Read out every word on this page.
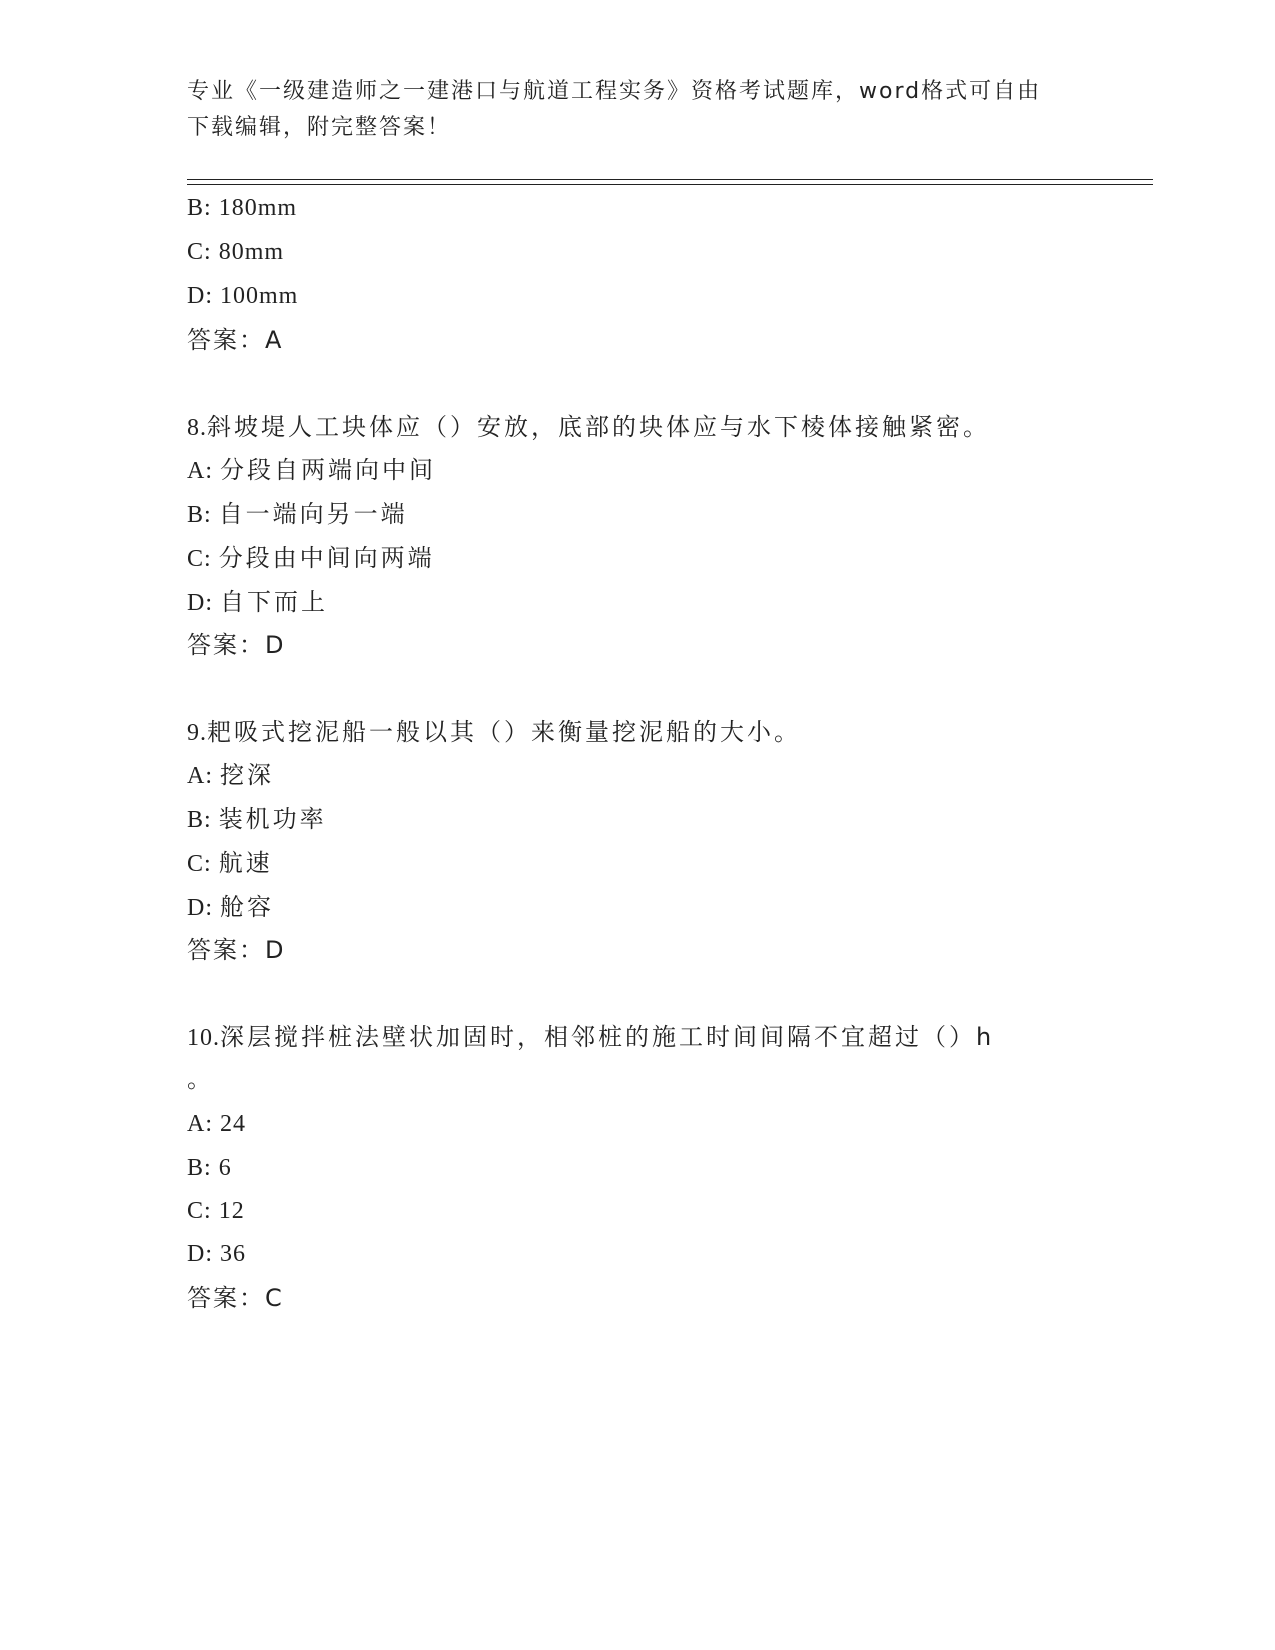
专业《一级建造师之一建港口与航道工程实务》资格考试题库，word格式可自由
下载编辑，附完整答案！
B: 180mm
C: 80mm
D: 100mm
答案：A
8.斜坡堤人工块体应（）安放，底部的块体应与水下棱体接触紧密。
A: 分段自两端向中间
B: 自一端向另一端
C: 分段由中间向两端
D: 自下而上
答案：D
9.耙吸式挖泥船一般以其（）来衡量挖泥船的大小。
A: 挖深
B: 装机功率
C: 航速
D: 舱容
答案：D
10.深层搅拌桩法壁状加固时，相邻桩的施工时间间隔不宜超过（）h
。
A: 24
B: 6
C: 12
D: 36
答案：C
